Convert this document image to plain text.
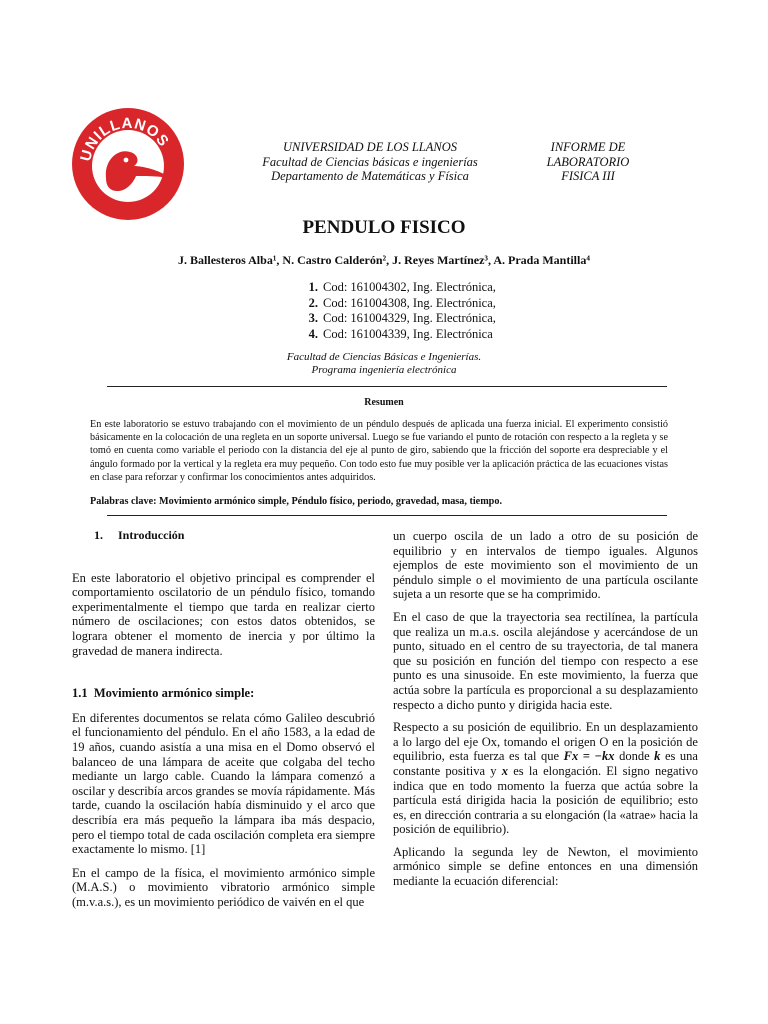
UNILLANOS	UNIVERSIDAD DE LOS LLANOS

Facultad de Ciencias básicas e ingenierías

Departamento de Matemáticas y Física

INFORME DE

LABORATORIO

FISICA III

PENDULO FISICO
J. Ballesteros Alba¹, N. Castro Calderón², J. Reyes Martínez³, A. Prada Mantilla⁴
1. Cod: 161004302, Ing. Electrónica,
2. Cod: 161004308, Ing. Electrónica,
3. Cod: 161004329, Ing. Electrónica,
4. Cod: 161004339, Ing. Electrónica

Facultad de Ciencias Básicas e Ingenierías.

Programa ingeniería electrónica

Resumen
En este laboratorio se estuvo trabajando con el movimiento de un péndulo después de aplicada una fuerza inicial. El experimento consistió básicamente en la colocación de una regleta en un soporte universal. Luego se fue variando el punto de rotación con respecto a la regleta y se tomó en cuenta como variable el periodo con la distancia del eje al punto de giro, sabiendo que la fricción del soporte era despreciable y el ángulo formado por la vertical y la regleta era muy pequeño. Con todo esto fue muy posible ver la aplicación práctica de las ecuaciones vistas en clase para reforzar y confirmar los conocimientos antes adquiridos.
Palabras clave: Movimiento armónico simple, Péndulo físico, periodo, gravedad, masa, tiempo.

1.     Introducción

En este laboratorio el objetivo principal es comprender el comportamiento oscilatorio de un péndulo físico, tomando experimentalmente el tiempo que tarda en realizar cierto número de oscilaciones; con estos datos obtenidos, se lograra obtener el momento de inercia y por último la gravedad de manera indirecta.

1.1  Movimiento armónico simple:

En diferentes documentos se relata cómo Galileo descubrió el funcionamiento del péndulo. En el año 1583, a la edad de 19 años, cuando asistía a una misa en el Domo observó el balanceo de una lámpara de aceite que colgaba del techo mediante un largo cable. Cuando la lámpara comenzó a oscilar y describía arcos grandes se movía rápidamente. Más tarde, cuando la oscilación había disminuido y el arco que describía era más pequeño la lámpara iba más despacio, pero el tiempo total de cada oscilación completa era siempre exactamente lo mismo. [1]

En el campo de la física, el movimiento armónico simple (M.A.S.) o movimiento vibratorio armónico simple (m.v.a.s.), es un movimiento periódico de vaivén en el que

un cuerpo oscila de un lado a otro de su posición de equilibrio y en intervalos de tiempo iguales. Algunos ejemplos de este movimiento son el movimiento de un péndulo simple o el movimiento de una partícula oscilante sujeta a un resorte que se ha comprimido.

En el caso de que la trayectoria sea rectilínea, la partícula que realiza un m.a.s. oscila alejándose y acercándose de un punto, situado en el centro de su trayectoria, de tal manera que su posición en función del tiempo con respecto a ese punto es una sinusoide. En este movimiento, la fuerza que actúa sobre la partícula es proporcional a su desplazamiento respecto a dicho punto y dirigida hacia este.

Respecto a su posición de equilibrio. En un desplazamiento a lo largo del eje Ox, tomando el origen O en la posición de equilibrio, esta fuerza es tal que Fx = −kx donde k es una constante positiva y x es la elongación. El signo negativo indica que en todo momento la fuerza que actúa sobre la partícula está dirigida hacia la posición de equilibrio; esto es, en dirección contraria a su elongación (la «atrae» hacia la posición de equilibrio).

Aplicando la segunda ley de Newton, el movimiento armónico simple se define entonces en una dimensión mediante la ecuación diferencial:
